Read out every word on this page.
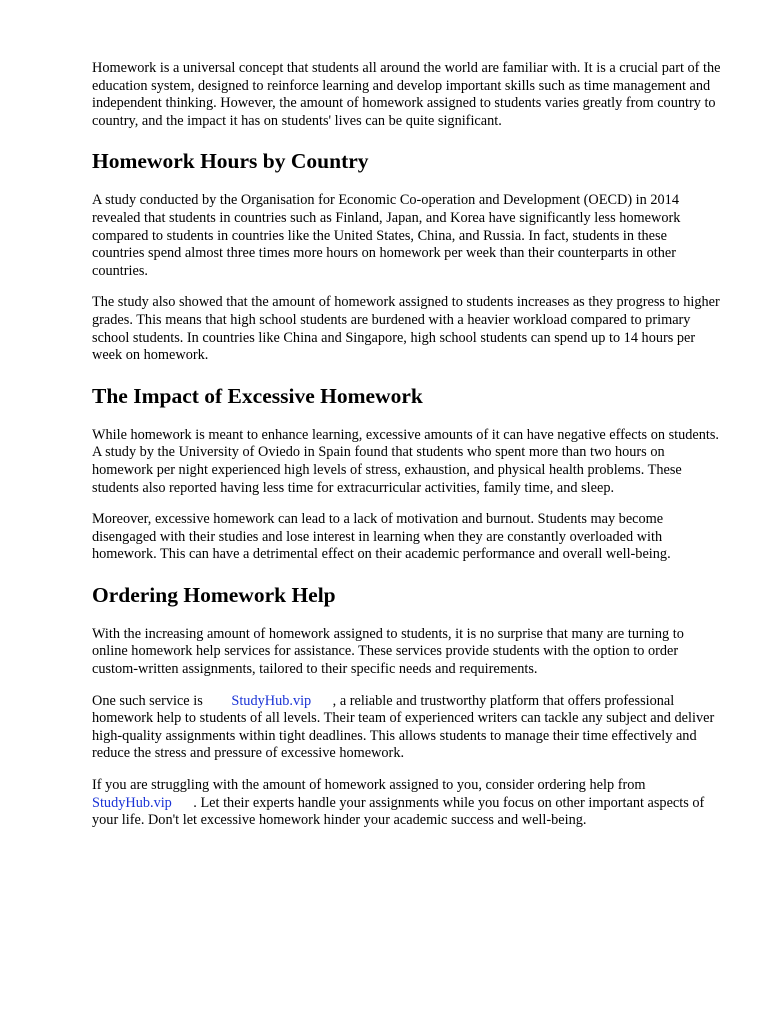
Homework is a universal concept that students all around the world are familiar with. It is a crucial part of the education system, designed to reinforce learning and develop important skills such as time management and independent thinking. However, the amount of homework assigned to students varies greatly from country to country, and the impact it has on students' lives can be quite significant.

Homework Hours by Country

A study conducted by the Organisation for Economic Co-operation and Development (OECD) in 2014 revealed that students in countries such as Finland, Japan, and Korea have significantly less homework compared to students in countries like the United States, China, and Russia. In fact, students in these countries spend almost three times more hours on homework per week than their counterparts in other countries.

The study also showed that the amount of homework assigned to students increases as they progress to higher grades. This means that high school students are burdened with a heavier workload compared to primary school students. In countries like China and Singapore, high school students can spend up to 14 hours per week on homework.

The Impact of Excessive Homework

While homework is meant to enhance learning, excessive amounts of it can have negative effects on students. A study by the University of Oviedo in Spain found that students who spent more than two hours on homework per night experienced high levels of stress, exhaustion, and physical health problems. These students also reported having less time for extracurricular activities, family time, and sleep.

Moreover, excessive homework can lead to a lack of motivation and burnout. Students may become disengaged with their studies and lose interest in learning when they are constantly overloaded with homework. This can have a detrimental effect on their academic performance and overall well-being.

Ordering Homework Help

With the increasing amount of homework assigned to students, it is no surprise that many are turning to online homework help services for assistance. These services provide students with the option to order custom-written assignments, tailored to their specific needs and requirements.

One such service is StudyHub.vip , a reliable and trustworthy platform that offers professional homework help to students of all levels. Their team of experienced writers can tackle any subject and deliver high-quality assignments within tight deadlines. This allows students to manage their time effectively and reduce the stress and pressure of excessive homework.

If you are struggling with the amount of homework assigned to you, consider ordering help from StudyHub.vip . Let their experts handle your assignments while you focus on other important aspects of your life. Don't let excessive homework hinder your academic success and well-being.
